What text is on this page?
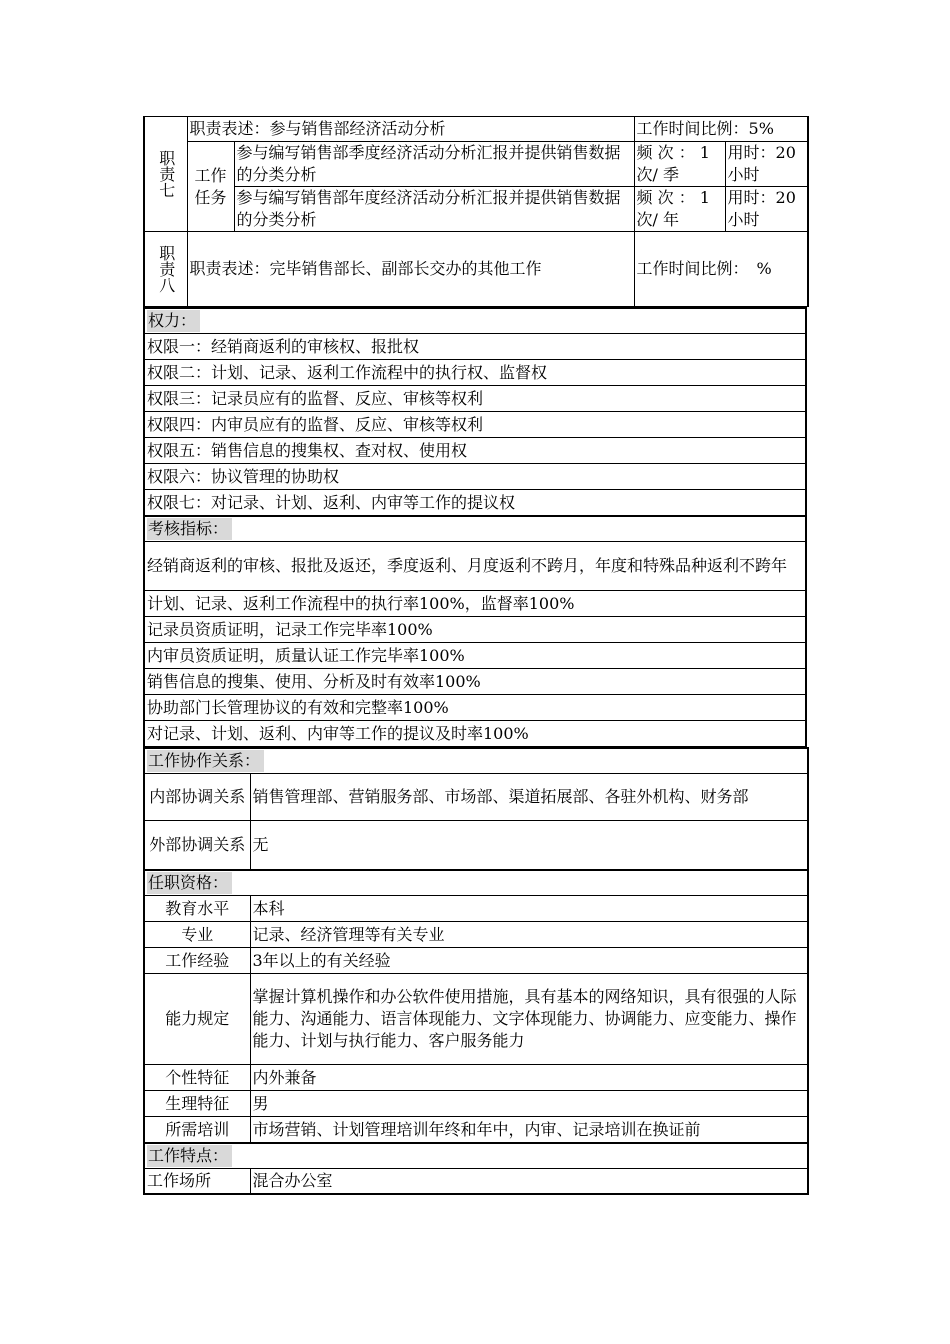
职责七	职责表述：参与销售部经济活动分析		工作时间比例：5%	
	工作任务	参与编写销售部季度经济活动分析汇报并提供销售数据的分类分析	频 次 ： 1次/ 季	用时：20小时
		参与编写销售部年度经济活动分析汇报并提供销售数据的分类分析	频 次 ： 1次/ 年	用时：20小时
职责八	职责表述：完毕销售部长、副部长交办的其他工作		工作时间比例：　%	
权力：
权限一：经销商返利的审核权、报批权
权限二：计划、记录、返利工作流程中的执行权、监督权
权限三：记录员应有的监督、反应、审核等权利
权限四：内审员应有的监督、反应、审核等权利
权限五：销售信息的搜集权、查对权、使用权
权限六：协议管理的协助权
权限七：对记录、计划、返利、内审等工作的提议权
考核指标：
经销商返利的审核、报批及返还，季度返利、月度返利不跨月，年度和特殊品种返利不跨年
计划、记录、返利工作流程中的执行率100%，监督率100%
记录员资质证明，记录工作完毕率100%
内审员资质证明，质量认证工作完毕率100%
销售信息的搜集、使用、分析及时有效率100%
协助部门长管理协议的有效和完整率100%
对记录、计划、返利、内审等工作的提议及时率100%
工作协作关系：	
内部协调关系	销售管理部、营销服务部、市场部、渠道拓展部、各驻外机构、财务部
外部协调关系	无
任职资格：	
教育水平	本科
专业	记录、经济管理等有关专业
工作经验	3年以上的有关经验
能力规定	掌握计算机操作和办公软件使用措施，具有基本的网络知识，具有很强的人际能力、沟通能力、语言体现能力、文字体现能力、协调能力、应变能力、操作能力、计划与执行能力、客户服务能力
个性特征	内外兼备
生理特征	男
所需培训	市场营销、计划管理培训年终和年中，内审、记录培训在换证前
工作特点：	
工作场所	混合办公室
